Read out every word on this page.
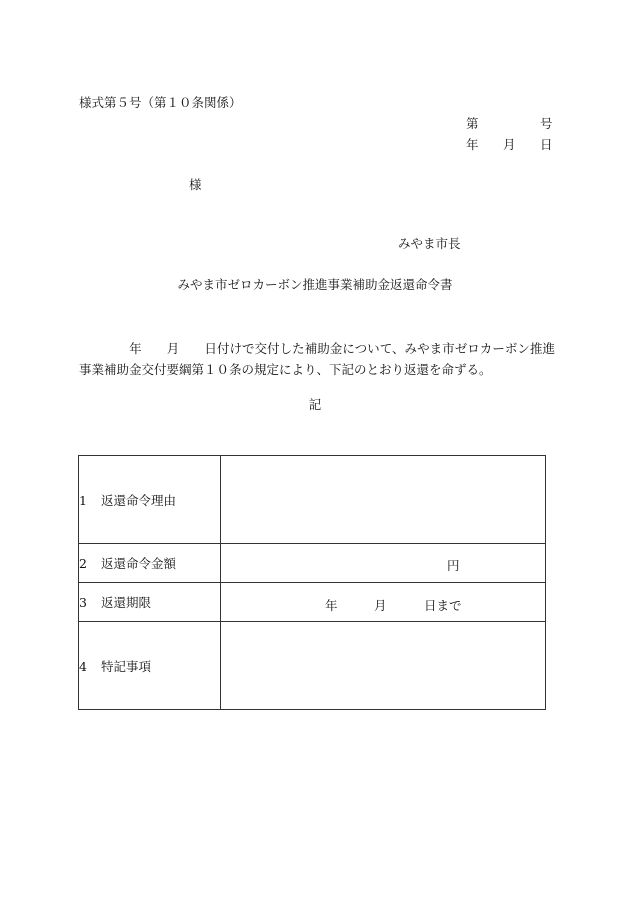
様式第５号（第１０条関係）
第	号
年 月 日
様
みやま市長
みやま市ゼロカーボン推進事業補助金返還命令書
　　　　年　　月　　日付けで交付した補助金について、みやま市ゼロカーボン推進事業補助金交付要綱第１０条の規定により、下記のとおり返還を命ずる。
記
1 返還命令理由	
2 返還命令金額	円

3 返還期限	年 月 日まで

4 特記事項	
